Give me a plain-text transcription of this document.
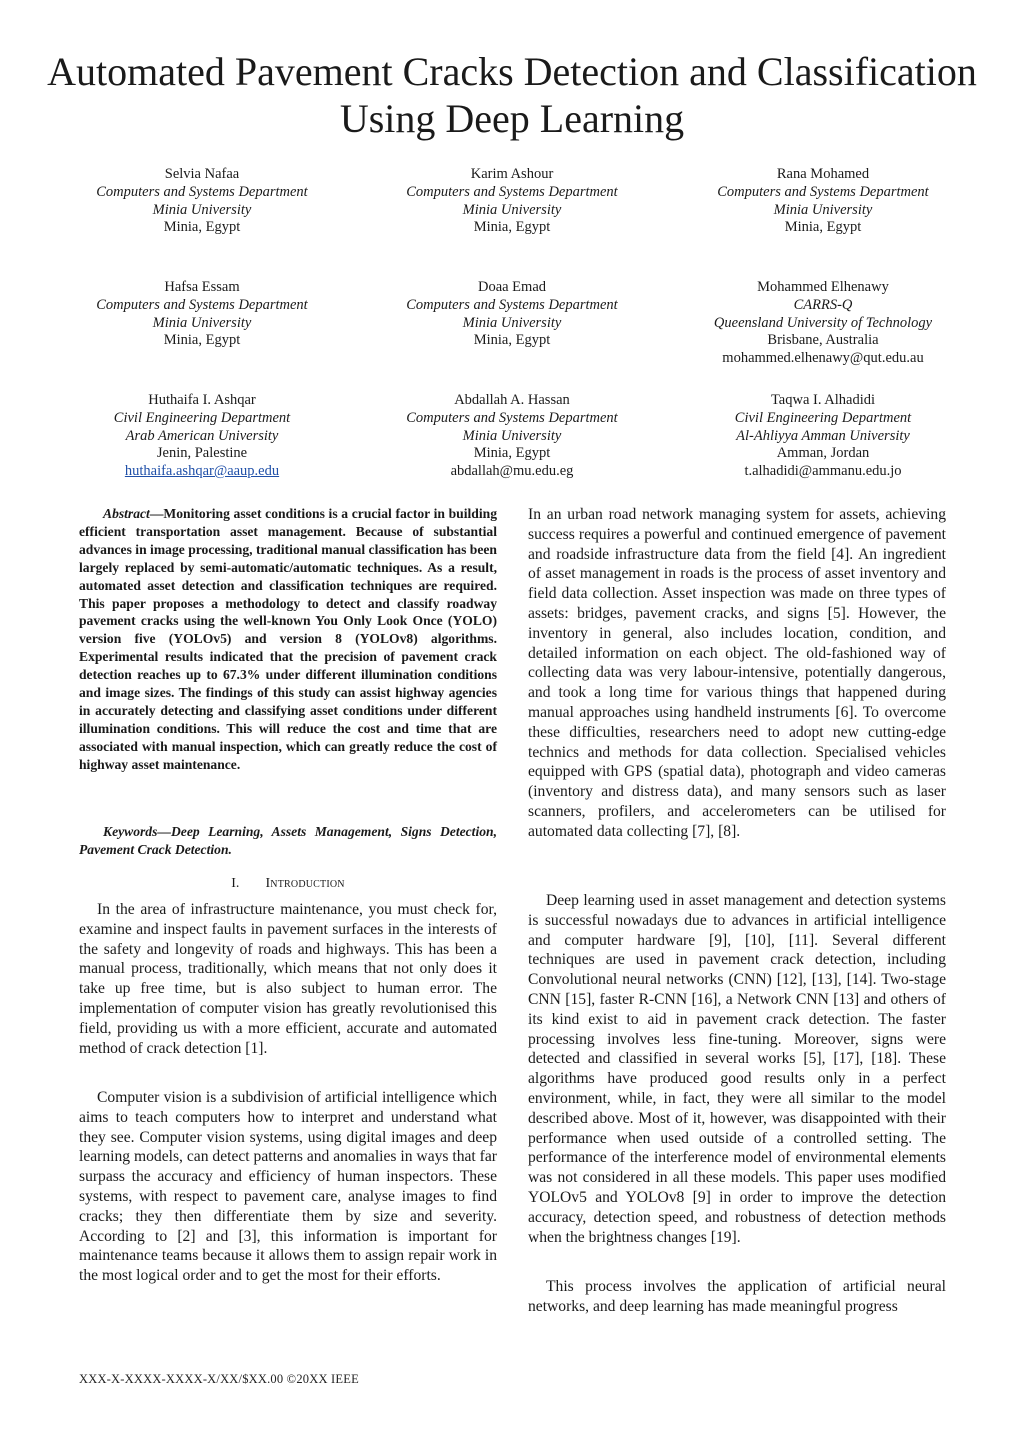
Automated Pavement Cracks Detection and Classification Using Deep Learning
Selvia Nafaa
Computers and Systems Department
Minia University
Minia, Egypt
Karim Ashour
Computers and Systems Department
Minia University
Minia, Egypt
Rana Mohamed
Computers and Systems Department
Minia University
Minia, Egypt
Hafsa Essam
Computers and Systems Department
Minia University
Minia, Egypt
Doaa Emad
Computers and Systems Department
Minia University
Minia, Egypt
Mohammed Elhenawy
CARRS-Q
Queensland University of Technology
Brisbane, Australia
mohammed.elhenawy@qut.edu.au
Huthaifa I. Ashqar
Civil Engineering Department
Arab American University
Jenin, Palestine
huthaifa.ashqar@aaup.edu
Abdallah A. Hassan
Computers and Systems Department
Minia University
Minia, Egypt
abdallah@mu.edu.eg
Taqwa I. Alhadidi
Civil Engineering Department
Al-Ahliyya Amman University
Amman, Jordan
t.alhadidi@ammanu.edu.jo

Abstract—Monitoring asset conditions is a crucial factor in building efficient transportation asset management. Because of substantial advances in image processing, traditional manual classification has been largely replaced by semi-automatic/automatic techniques. As a result, automated asset detection and classification techniques are required. This paper proposes a methodology to detect and classify roadway pavement cracks using the well-known You Only Look Once (YOLO) version five (YOLOv5) and version 8 (YOLOv8) algorithms. Experimental results indicated that the precision of pavement crack detection reaches up to 67.3% under different illumination conditions and image sizes. The findings of this study can assist highway agencies in accurately detecting and classifying asset conditions under different illumination conditions. This will reduce the cost and time that are associated with manual inspection, which can greatly reduce the cost of highway asset maintenance.

Keywords—Deep Learning, Assets Management, Signs Detection, Pavement Crack Detection.

I. Introduction

In the area of infrastructure maintenance, you must check for, examine and inspect faults in pavement surfaces in the interests of the safety and longevity of roads and highways. This has been a manual process, traditionally, which means that not only does it take up free time, but is also subject to human error. The implementation of computer vision has greatly revolutionised this field, providing us with a more efficient, accurate and automated method of crack detection [1].

Computer vision is a subdivision of artificial intelligence which aims to teach computers how to interpret and understand what they see. Computer vision systems, using digital images and deep learning models, can detect patterns and anomalies in ways that far surpass the accuracy and efficiency of human inspectors. These systems, with respect to pavement care, analyse images to find cracks; they then differentiate them by size and severity. According to [2] and [3], this information is important for maintenance teams because it allows them to assign repair work in the most logical order and to get the most for their efforts.

In an urban road network managing system for assets, achieving success requires a powerful and continued emergence of pavement and roadside infrastructure data from the field [4]. An ingredient of asset management in roads is the process of asset inventory and field data collection. Asset inspection was made on three types of assets: bridges, pavement cracks, and signs [5]. However, the inventory in general, also includes location, condition, and detailed information on each object. The old-fashioned way of collecting data was very labour-intensive, potentially dangerous, and took a long time for various things that happened during manual approaches using handheld instruments [6]. To overcome these difficulties, researchers need to adopt new cutting-edge technics and methods for data collection. Specialised vehicles equipped with GPS (spatial data), photograph and video cameras (inventory and distress data), and many sensors such as laser scanners, profilers, and accelerometers can be utilised for automated data collecting [7], [8].

Deep learning used in asset management and detection systems is successful nowadays due to advances in artificial intelligence and computer hardware [9], [10], [11]. Several different techniques are used in pavement crack detection, including Convolutional neural networks (CNN) [12], [13], [14]. Two-stage CNN [15], faster R-CNN [16], a Network CNN [13] and others of its kind exist to aid in pavement crack detection. The faster processing involves less fine-tuning. Moreover, signs were detected and classified in several works [5], [17], [18]. These algorithms have produced good results only in a perfect environment, while, in fact, they were all similar to the model described above. Most of it, however, was disappointed with their performance when used outside of a controlled setting. The performance of the interference model of environmental elements was not considered in all these models. This paper uses modified YOLOv5 and YOLOv8 [9] in order to improve the detection accuracy, detection speed, and robustness of detection methods when the brightness changes [19].

This process involves the application of artificial neural networks, and deep learning has made meaningful progress

XXX-X-XXXX-XXXX-X/XX/$XX.00 ©20XX IEEE
